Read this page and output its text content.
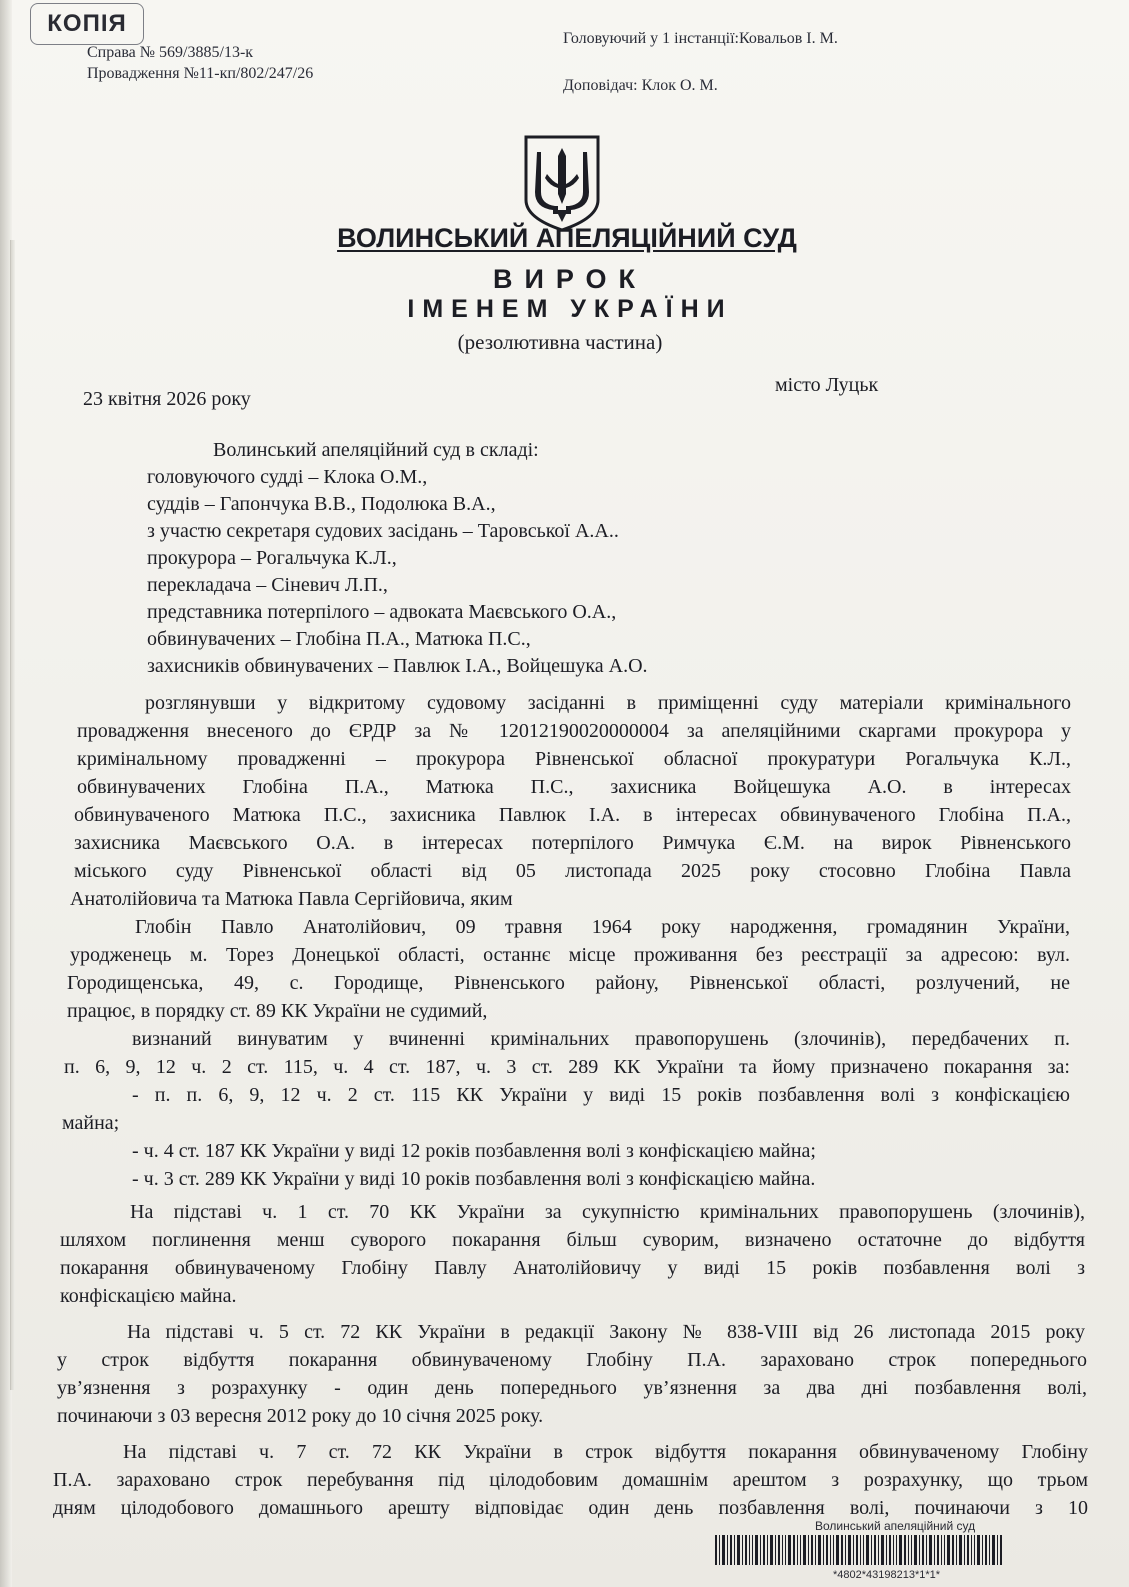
КОПІЯ
Справа № 569/3885/13-к
Провадження №11-кп/802/247/26
Головуючий у 1 інстанції:Ковальов І. М.
Доповідач: Клок О. М.
ВОЛИНСЬКИЙ АПЕЛЯЦІЙНИЙ СУД
ВИРОК
ІМЕНЕМ УКРАЇНИ
(резолютивна частина)
23 квітня 2026 року
місто Луцьк
Волинський апеляційний суд в складі:
головуючого судді – Клока О.М.,
суддів – Гапончука В.В., Подолюка В.А.,
з участю секретаря судових засідань – Таровської А.А..
прокурора – Рогальчука К.Л.,
перекладача – Сіневич Л.П.,
представника потерпілого – адвоката Маєвського О.А.,
обвинувачених – Глобіна П.А., Матюка П.С.,
захисників обвинувачених – Павлюк І.А., Войцешука А.О.
розглянувши у відкритому судовому засіданні в приміщенні суду матеріали кримінального
провадження внесеного до ЄРДР за № 12012190020000004 за апеляційними скаргами прокурора у
кримінальному провадженні – прокурора Рівненської обласної прокуратури Рогальчука К.Л.,
обвинувачених Глобіна П.А., Матюка П.С., захисника Войцешука А.О. в інтересах
обвинуваченого Матюка П.С., захисника Павлюк І.А. в інтересах обвинуваченого Глобіна П.А.,
захисника Маєвського О.А. в інтересах потерпілого Римчука Є.М. на вирок Рівненського
міського суду Рівненської області від 05 листопада 2025 року стосовно Глобіна Павла
Анатолійовича та Матюка Павла Сергійовича, яким
Глобін Павло Анатолійович, 09 травня 1964 року народження, громадянин України,
уродженець м. Торез Донецької області, останнє місце проживання без реєстрації за адресою: вул.
Городищенська, 49, с. Городище, Рівненського району, Рівненської області, розлучений, не
працює, в порядку ст. 89 КК України не судимий,
визнаний винуватим у вчиненні кримінальних правопорушень (злочинів), передбачених п.
п. 6, 9, 12 ч. 2 ст. 115, ч. 4 ст. 187, ч. 3 ст. 289 КК України та йому призначено покарання за:
- п. п. 6, 9, 12 ч. 2 ст. 115 КК України у виді 15 років позбавлення волі з конфіскацією
майна;
- ч. 4 ст. 187 КК України у виді 12 років позбавлення волі з конфіскацією майна;
- ч. 3 ст. 289 КК України у виді 10 років позбавлення волі з конфіскацією майна.
На підставі ч. 1 ст. 70 КК України за сукупністю кримінальних правопорушень (злочинів),
шляхом поглинення менш суворого покарання більш суворим, визначено остаточне до відбуття
покарання обвинуваченому Глобіну Павлу Анатолійовичу у виді 15 років позбавлення волі з
конфіскацією майна.
На підставі ч. 5 ст. 72 КК України в редакції Закону № 838-VIII від 26 листопада 2015 року
у строк відбуття покарання обвинуваченому Глобіну П.А. зараховано строк попереднього
ув’язнення з розрахунку - один день попереднього ув’язнення за два дні позбавлення волі,
починаючи з 03 вересня 2012 року до 10 січня 2025 року.
На підставі ч. 7 ст. 72 КК України в строк відбуття покарання обвинуваченому Глобіну
П.А. зараховано строк перебування під цілодобовим домашнім арештом з розрахунку, що трьом
дням цілодобового домашнього арешту відповідає один день позбавлення волі, починаючи з 10
Волинський апеляційний суд
*4802*43198213*1*1*
